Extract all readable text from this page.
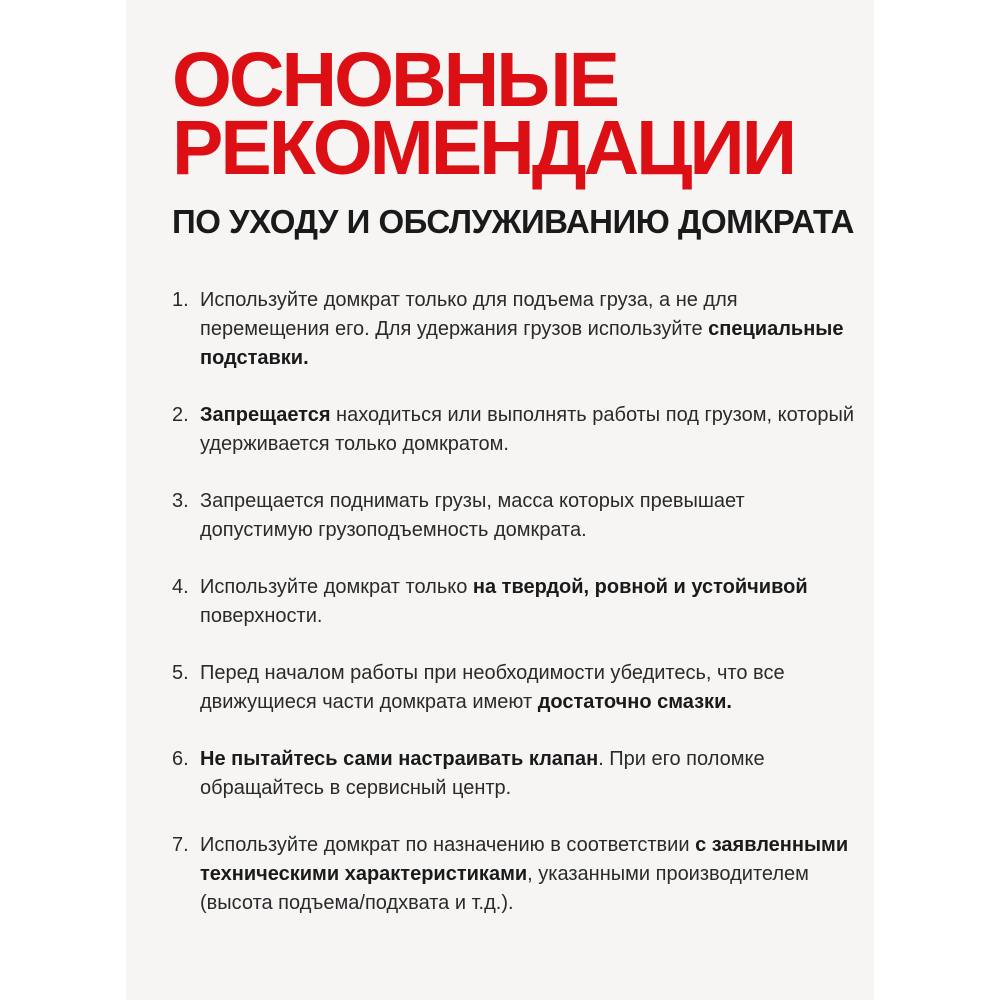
ОСНОВНЫЕ
РЕКОМЕНДАЦИИ
ПО УХОДУ И ОБСЛУЖИВАНИЮ ДОМКРАТА
1. Используйте домкрат только для подъема груза, а не для перемещения его. Для удержания грузов используйте специальные подставки.
2. Запрещается находиться или выполнять работы под грузом, который удерживается только домкратом.
3. Запрещается поднимать грузы, масса которых превышает допустимую грузоподъемность домкрата.
4. Используйте домкрат только на твердой, ровной и устойчивой поверхности.
5. Перед началом работы при необходимости убедитесь, что все движущиеся части домкрата имеют достаточно смазки.
6. Не пытайтесь сами настраивать клапан. При его поломке обращайтесь в сервисный центр.
7. Используйте домкрат по назначению в соответствии с заявленными техническими характеристиками, указанными производителем (высота подъема/подхвата и т.д.).
